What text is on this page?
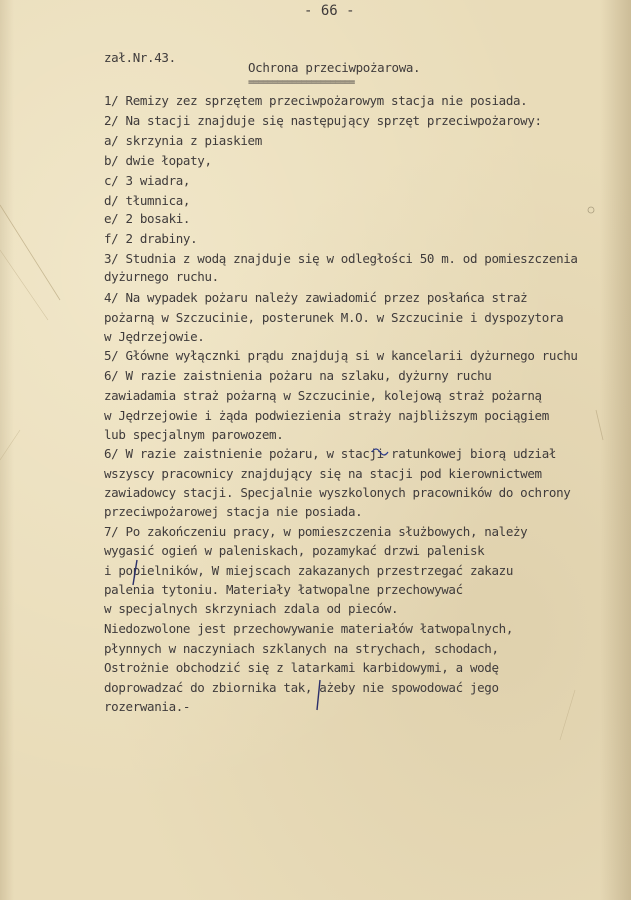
- 66 -
zał.Nr.43.
Ochrona przeciwpożarowa.
======================
1/ Remizy zez sprzętem przeciwpożarowym stacja nie posiada.
2/ Na stacji znajduje się następujący sprzęt przeciwpożarowy:
a/ skrzynia z piaskiem
b/ dwie łopaty,
c/ 3 wiadra,
d/ tłumnica,
e/ 2 bosaki.
f/ 2 drabiny.
3/ Studnia z wodą znajduje się w odległości 50 m. od pomieszczenia
dyżurnego ruchu.
4/ Na wypadek pożaru należy zawiadomić przez posłańca straż
pożarną w Szczucinie, posterunek M.O. w Szczucinie i dyspozytora
w Jędrzejowie.
5/ Główne wyłącznki prądu znajdują si w kancelarii dyżurnego ruchu
6/ W razie zaistnienia pożaru na szlaku, dyżurny ruchu
zawiadamia straż pożarną w Szczucinie, kolejową straż pożarną
w Jędrzejowie i żąda podwiezienia straży najbliższym pociągiem
lub specjalnym parowozem.
6/ W razie zaistnienie pożaru, w stacji ratunkowej biorą udział
wszyscy pracownicy znajdujący się na stacji pod kierownictwem
zawiadowcy stacji. Specjalnie wyszkolonych pracowników do ochrony
przeciwpożarowej stacja nie posiada.
7/ Po zakończeniu pracy, w pomieszczenia służbowych, należy
wygasić ogień w paleniskach, pozamykać drzwi palenisk
i popielników, W miejscach zakazanych przestrzegać zakazu
palenia tytoniu. Materiały łatwopalne przechowywać
w specjalnych skrzyniach zdala od pieców.
Niedozwolone jest przechowywanie materiałów łatwopalnych,
płynnych w naczyniach szklanych na strychach, schodach,
Ostrożnie obchodzić się z latarkami karbidowymi, a wodę
doprowadzać do zbiornika tak, ażeby nie spowodować jego
rozerwania.-
